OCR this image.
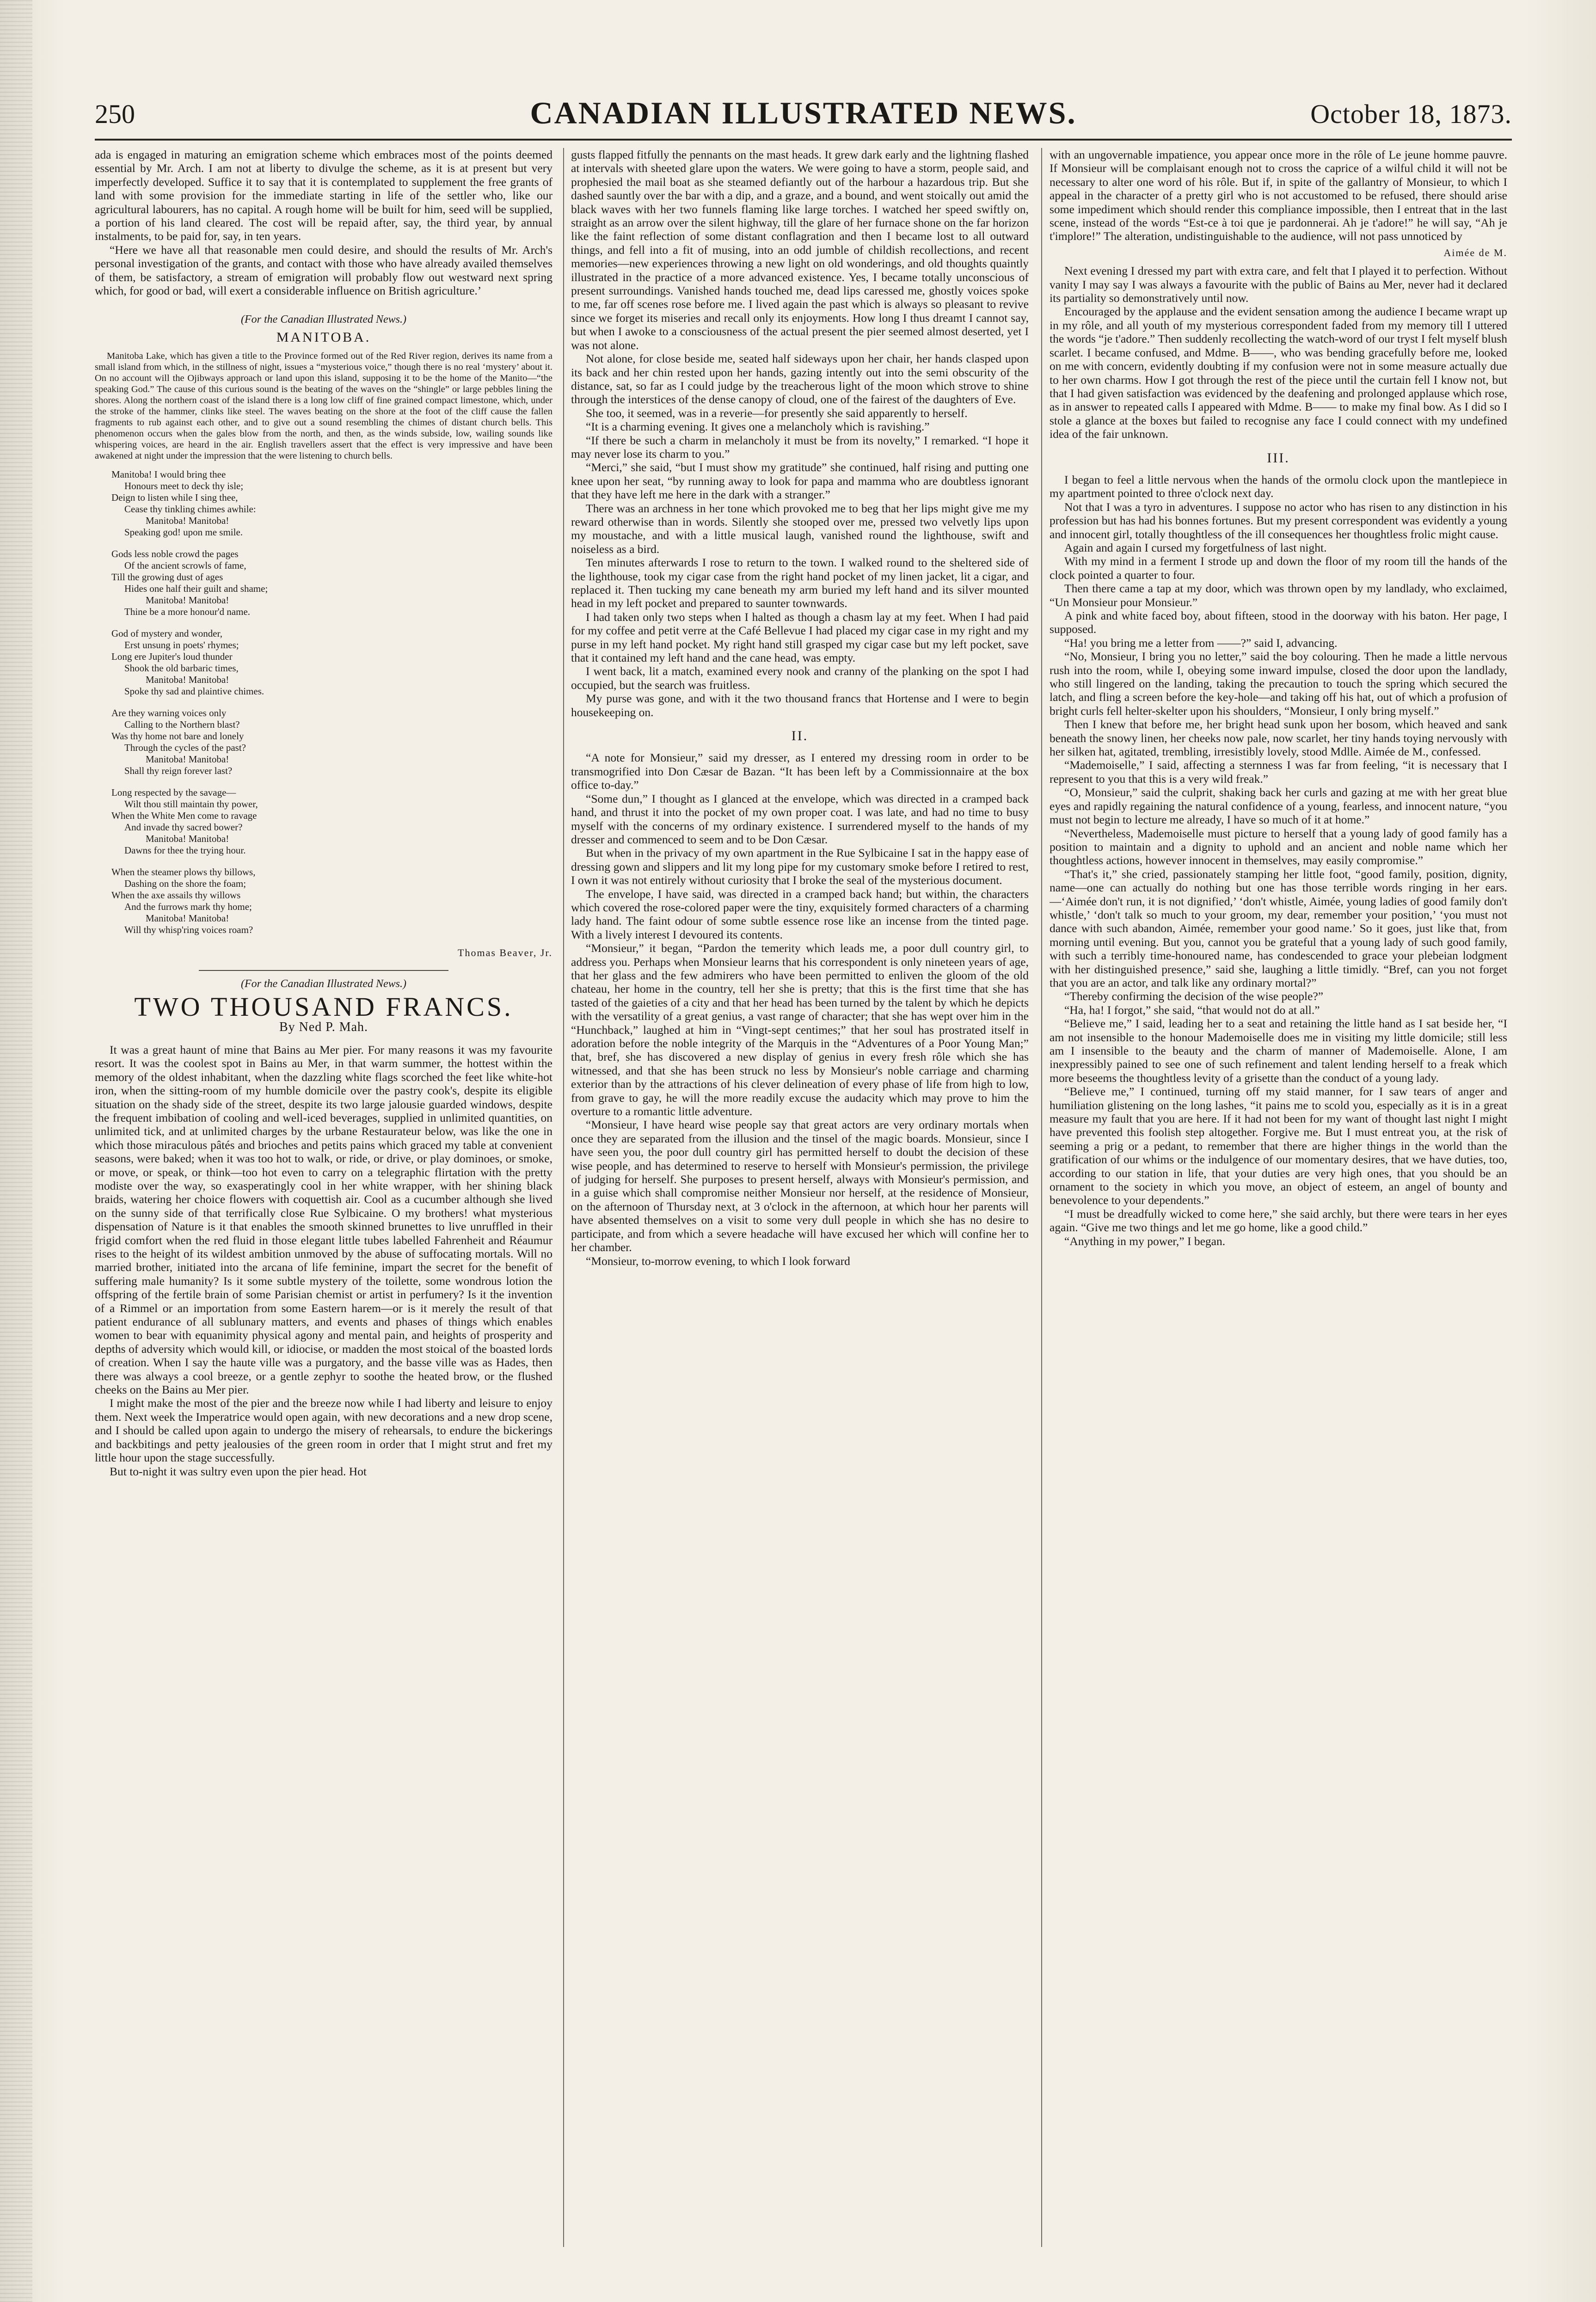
250	CANADIAN ILLUSTRATED NEWS.	October 18, 1873.

ada is engaged in maturing an emigration scheme which embraces most of the points deemed essential by Mr. Arch. I am not at liberty to divulge the scheme, as it is at present but very imperfectly developed. Suffice it to say that it is contemplated to supplement the free grants of land with some provision for the immediate starting in life of the settler who, like our agricultural labourers, has no capital. A rough home will be built for him, seed will be supplied, a portion of his land cleared. The cost will be repaid after, say, the third year, by annual instalments, to be paid for, say, in ten years.

“Here we have all that reasonable men could desire, and should the results of Mr. Arch's personal investigation of the grants, and contact with those who have already availed themselves of them, be satisfactory, a stream of emigration will probably flow out westward next spring which, for good or bad, will exert a considerable influence on British agriculture.’

(For the Canadian Illustrated News.)
MANITOBA.

Manitoba Lake, which has given a title to the Province formed out of the Red River region, derives its name from a small island from which, in the stillness of night, issues a “mysterious voice,” though there is no real ‘mystery’ about it. On no account will the Ojibways approach or land upon this island, supposing it to be the home of the Manito—“the speaking God.” The cause of this curious sound is the beating of the waves on the “shingle” or large pebbles lining the shores. Along the northern coast of the island there is a long low cliff of fine grained compact limestone, which, under the stroke of the hammer, clinks like steel. The waves beating on the shore at the foot of the cliff cause the fallen fragments to rub against each other, and to give out a sound resembling the chimes of distant church bells. This phenomenon occurs when the gales blow from the north, and then, as the winds subside, low, wailing sounds like whispering voices, are heard in the air. English travellers assert that the effect is very impressive and have been awakened at night under the impression that the were listening to church bells.

Manitoba! I would bring thee
Honours meet to deck thy isle;
Deign to listen while I sing thee,
Cease thy tinkling chimes awhile:
Manitoba! Manitoba!
Speaking god! upon me smile.
Gods less noble crowd the pages
Of the ancient scrowls of fame,
Till the growing dust of ages
Hides one half their guilt and shame;
Manitoba! Manitoba!
Thine be a more honour'd name.
God of mystery and wonder,
Erst unsung in poets' rhymes;
Long ere Jupiter's loud thunder
Shook the old barbaric times,
Manitoba! Manitoba!
Spoke thy sad and plaintive chimes.
Are they warning voices only
Calling to the Northern blast?
Was thy home not bare and lonely
Through the cycles of the past?
Manitoba! Manitoba!
Shall thy reign forever last?
Long respected by the savage—
Wilt thou still maintain thy power,
When the White Men come to ravage
And invade thy sacred bower?
Manitoba! Manitoba!
Dawns for thee the trying hour.
When the steamer plows thy billows,
Dashing on the shore the foam;
When the axe assails thy willows
And the furrows mark thy home;
Manitoba! Manitoba!
Will thy whisp'ring voices roam?
Thomas Beaver, Jr.
(For the Canadian Illustrated News.)
TWO THOUSAND FRANCS.
By Ned P. Mah.

It was a great haunt of mine that Bains au Mer pier. For many reasons it was my favourite resort. It was the coolest spot in Bains au Mer, in that warm summer, the hottest within the memory of the oldest inhabitant, when the dazzling white flags scorched the feet like white-hot iron, when the sitting-room of my humble domicile over the pastry cook's, despite its eligible situation on the shady side of the street, despite its two large jalousie guarded windows, despite the frequent imbibation of cooling and well-iced beverages, supplied in unlimited quantities, on unlimited tick, and at unlimited charges by the urbane Restaurateur below, was like the one in which those miraculous pâtés and brioches and petits pains which graced my table at convenient seasons, were baked; when it was too hot to walk, or ride, or drive, or play dominoes, or smoke, or move, or speak, or think—too hot even to carry on a telegraphic flirtation with the pretty modiste over the way, so exasperatingly cool in her white wrapper, with her shining black braids, watering her choice flowers with coquettish air. Cool as a cucumber although she lived on the sunny side of that terrifically close Rue Sylbicaine. O my brothers! what mysterious dispensation of Nature is it that enables the smooth skinned brunettes to live unruffled in their frigid comfort when the red fluid in those elegant little tubes labelled Fahrenheit and Réaumur rises to the height of its wildest ambition unmoved by the abuse of suffocating mortals. Will no married brother, initiated into the arcana of life feminine, impart the secret for the benefit of suffering male humanity? Is it some subtle mystery of the toilette, some wondrous lotion the offspring of the fertile brain of some Parisian chemist or artist in perfumery? Is it the invention of a Rimmel or an importation from some Eastern harem—or is it merely the result of that patient endurance of all sublunary matters, and events and phases of things which enables women to bear with equanimity physical agony and mental pain, and heights of prosperity and depths of adversity which would kill, or idiocise, or madden the most stoical of the boasted lords of creation. When I say the haute ville was a purgatory, and the basse ville was as Hades, then there was always a cool breeze, or a gentle zephyr to soothe the heated brow, or the flushed cheeks on the Bains au Mer pier.

I might make the most of the pier and the breeze now while I had liberty and leisure to enjoy them. Next week the Imperatrice would open again, with new decorations and a new drop scene, and I should be called upon again to undergo the misery of rehearsals, to endure the bickerings and backbitings and petty jealousies of the green room in order that I might strut and fret my little hour upon the stage successfully.

But to-night it was sultry even upon the pier head. Hot

gusts flapped fitfully the pennants on the mast heads. It grew dark early and the lightning flashed at intervals with sheeted glare upon the waters. We were going to have a storm, people said, and prophesied the mail boat as she steamed defiantly out of the harbour a hazardous trip. But she dashed sauntly over the bar with a dip, and a graze, and a bound, and went stoically out amid the black waves with her two funnels flaming like large torches. I watched her speed swiftly on, straight as an arrow over the silent highway, till the glare of her furnace shone on the far horizon like the faint reflection of some distant conflagration and then I became lost to all outward things, and fell into a fit of musing, into an odd jumble of childish recollections, and recent memories—new experiences throwing a new light on old wonderings, and old thoughts quaintly illustrated in the practice of a more advanced existence. Yes, I became totally unconscious of present surroundings. Vanished hands touched me, dead lips caressed me, ghostly voices spoke to me, far off scenes rose before me. I lived again the past which is always so pleasant to revive since we forget its miseries and recall only its enjoyments. How long I thus dreamt I cannot say, but when I awoke to a consciousness of the actual present the pier seemed almost deserted, yet I was not alone.

Not alone, for close beside me, seated half sideways upon her chair, her hands clasped upon its back and her chin rested upon her hands, gazing intently out into the semi obscurity of the distance, sat, so far as I could judge by the treacherous light of the moon which strove to shine through the interstices of the dense canopy of cloud, one of the fairest of the daughters of Eve.

She too, it seemed, was in a reverie—for presently she said apparently to herself.

“It is a charming evening. It gives one a melancholy which is ravishing.”

“If there be such a charm in melancholy it must be from its novelty,” I remarked. “I hope it may never lose its charm to you.”

“Merci,” she said, “but I must show my gratitude” she continued, half rising and putting one knee upon her seat, “by running away to look for papa and mamma who are doubtless ignorant that they have left me here in the dark with a stranger.”

There was an archness in her tone which provoked me to beg that her lips might give me my reward otherwise than in words. Silently she stooped over me, pressed two velvetly lips upon my moustache, and with a little musical laugh, vanished round the lighthouse, swift and noiseless as a bird.

Ten minutes afterwards I rose to return to the town. I walked round to the sheltered side of the lighthouse, took my cigar case from the right hand pocket of my linen jacket, lit a cigar, and replaced it. Then tucking my cane beneath my arm buried my left hand and its silver mounted head in my left pocket and prepared to saunter townwards.

I had taken only two steps when I halted as though a chasm lay at my feet. When I had paid for my coffee and petit verre at the Café Bellevue I had placed my cigar case in my right and my purse in my left hand pocket. My right hand still grasped my cigar case but my left pocket, save that it contained my left hand and the cane head, was empty.

I went back, lit a match, examined every nook and cranny of the planking on the spot I had occupied, but the search was fruitless.

My purse was gone, and with it the two thousand francs that Hortense and I were to begin housekeeping on.

II.

“A note for Monsieur,” said my dresser, as I entered my dressing room in order to be transmogrified into Don Cæsar de Bazan. “It has been left by a Commissionnaire at the box office to-day.”

“Some dun,” I thought as I glanced at the envelope, which was directed in a cramped back hand, and thrust it into the pocket of my own proper coat. I was late, and had no time to busy myself with the concerns of my ordinary existence. I surrendered myself to the hands of my dresser and commenced to seem and to be Don Cæsar.

But when in the privacy of my own apartment in the Rue Sylbicaine I sat in the happy ease of dressing gown and slippers and lit my long pipe for my customary smoke before I retired to rest, I own it was not entirely without curiosity that I broke the seal of the mysterious document.

The envelope, I have said, was directed in a cramped back hand; but within, the characters which covered the rose-colored paper were the tiny, exquisitely formed characters of a charming lady hand. The faint odour of some subtle essence rose like an incense from the tinted page. With a lively interest I devoured its contents.

“Monsieur,” it began, “Pardon the temerity which leads me, a poor dull country girl, to address you. Perhaps when Monsieur learns that his correspondent is only nineteen years of age, that her glass and the few admirers who have been permitted to enliven the gloom of the old chateau, her home in the country, tell her she is pretty; that this is the first time that she has tasted of the gaieties of a city and that her head has been turned by the talent by which he depicts with the versatility of a great genius, a vast range of character; that she has wept over him in the “Hunchback,” laughed at him in “Vingt-sept centimes;” that her soul has prostrated itself in adoration before the noble integrity of the Marquis in the “Adventures of a Poor Young Man;” that, bref, she has discovered a new display of genius in every fresh rôle which she has witnessed, and that she has been struck no less by Monsieur's noble carriage and charming exterior than by the attractions of his clever delineation of every phase of life from high to low, from grave to gay, he will the more readily excuse the audacity which may prove to him the overture to a romantic little adventure.

“Monsieur, I have heard wise people say that great actors are very ordinary mortals when once they are separated from the illusion and the tinsel of the magic boards. Monsieur, since I have seen you, the poor dull country girl has permitted herself to doubt the decision of these wise people, and has determined to reserve to herself with Monsieur's permission, the privilege of judging for herself. She purposes to present herself, always with Monsieur's permission, and in a guise which shall compromise neither Monsieur nor herself, at the residence of Monsieur, on the afternoon of Thursday next, at 3 o'clock in the afternoon, at which hour her parents will have absented themselves on a visit to some very dull people in which she has no desire to participate, and from which a severe headache will have excused her which will confine her to her chamber.

“Monsieur, to-morrow evening, to which I look forward

with an ungovernable impatience, you appear once more in the rôle of Le jeune homme pauvre. If Monsieur will be complaisant enough not to cross the caprice of a wilful child it will not be necessary to alter one word of his rôle. But if, in spite of the gallantry of Monsieur, to which I appeal in the character of a pretty girl who is not accustomed to be refused, there should arise some impediment which should render this compliance impossible, then I entreat that in the last scene, instead of the words “Est-ce à toi que je pardonnerai. Ah je t'adore!” he will say, “Ah je t'implore!” The alteration, undistinguishable to the audience, will not pass unnoticed by

Aimée de M.

Next evening I dressed my part with extra care, and felt that I played it to perfection. Without vanity I may say I was always a favourite with the public of Bains au Mer, never had it declared its partiality so demonstratively until now.

Encouraged by the applause and the evident sensation among the audience I became wrapt up in my rôle, and all youth of my mysterious correspondent faded from my memory till I uttered the words “je t'adore.” Then suddenly recollecting the watch-word of our tryst I felt myself blush scarlet. I became confused, and Mdme. B——, who was bending gracefully before me, looked on me with concern, evidently doubting if my confusion were not in some measure actually due to her own charms. How I got through the rest of the piece until the curtain fell I know not, but that I had given satisfaction was evidenced by the deafening and prolonged applause which rose, as in answer to repeated calls I appeared with Mdme. B—— to make my final bow. As I did so I stole a glance at the boxes but failed to recognise any face I could connect with my undefined idea of the fair unknown.

III.

I began to feel a little nervous when the hands of the ormolu clock upon the mantlepiece in my apartment pointed to three o'clock next day.

Not that I was a tyro in adventures. I suppose no actor who has risen to any distinction in his profession but has had his bonnes fortunes. But my present correspondent was evidently a young and innocent girl, totally thoughtless of the ill consequences her thoughtless frolic might cause.

Again and again I cursed my forgetfulness of last night.

With my mind in a ferment I strode up and down the floor of my room till the hands of the clock pointed a quarter to four.

Then there came a tap at my door, which was thrown open by my landlady, who exclaimed, “Un Monsieur pour Monsieur.”

A pink and white faced boy, about fifteen, stood in the doorway with his baton. Her page, I supposed.

“Ha! you bring me a letter from ——?” said I, advancing.

“No, Monsieur, I bring you no letter,” said the boy colouring. Then he made a little nervous rush into the room, while I, obeying some inward impulse, closed the door upon the landlady, who still lingered on the landing, taking the precaution to touch the spring which secured the latch, and fling a screen before the key-hole—and taking off his hat, out of which a profusion of bright curls fell helter-skelter upon his shoulders, “Monsieur, I only bring myself.”

Then I knew that before me, her bright head sunk upon her bosom, which heaved and sank beneath the snowy linen, her cheeks now pale, now scarlet, her tiny hands toying nervously with her silken hat, agitated, trembling, irresistibly lovely, stood Mdlle. Aimée de M., confessed.

“Mademoiselle,” I said, affecting a sternness I was far from feeling, “it is necessary that I represent to you that this is a very wild freak.”

“O, Monsieur,” said the culprit, shaking back her curls and gazing at me with her great blue eyes and rapidly regaining the natural confidence of a young, fearless, and innocent nature, “you must not begin to lecture me already, I have so much of it at home.”

“Nevertheless, Mademoiselle must picture to herself that a young lady of good family has a position to maintain and a dignity to uphold and an ancient and noble name which her thoughtless actions, however innocent in themselves, may easily compromise.”

“That's it,” she cried, passionately stamping her little foot, “good family, position, dignity, name—one can actually do nothing but one has those terrible words ringing in her ears.—‘Aimée don't run, it is not dignified,’ ‘don't whistle, Aimée, young ladies of good family don't whistle,’ ‘don't talk so much to your groom, my dear, remember your position,’ ‘you must not dance with such abandon, Aimée, remember your good name.’ So it goes, just like that, from morning until evening. But you, cannot you be grateful that a young lady of such good family, with such a terribly time-honoured name, has condescended to grace your plebeian lodgment with her distinguished presence,” said she, laughing a little timidly. “Bref, can you not forget that you are an actor, and talk like any ordinary mortal?”

“Thereby confirming the decision of the wise people?”

“Ha, ha! I forgot,” she said, “that would not do at all.”

“Believe me,” I said, leading her to a seat and retaining the little hand as I sat beside her, “I am not insensible to the honour Mademoiselle does me in visiting my little domicile; still less am I insensible to the beauty and the charm of manner of Mademoiselle. Alone, I am inexpressibly pained to see one of such refinement and talent lending herself to a freak which more beseems the thoughtless levity of a grisette than the conduct of a young lady.

“Believe me,” I continued, turning off my staid manner, for I saw tears of anger and humiliation glistening on the long lashes, “it pains me to scold you, especially as it is in a great measure my fault that you are here. If it had not been for my want of thought last night I might have prevented this foolish step altogether. Forgive me. But I must entreat you, at the risk of seeming a prig or a pedant, to remember that there are higher things in the world than the gratification of our whims or the indulgence of our momentary desires, that we have duties, too, according to our station in life, that your duties are very high ones, that you should be an ornament to the society in which you move, an object of esteem, an angel of bounty and benevolence to your dependents.”

“I must be dreadfully wicked to come here,” she said archly, but there were tears in her eyes again. “Give me two things and let me go home, like a good child.”

“Anything in my power,” I began.
